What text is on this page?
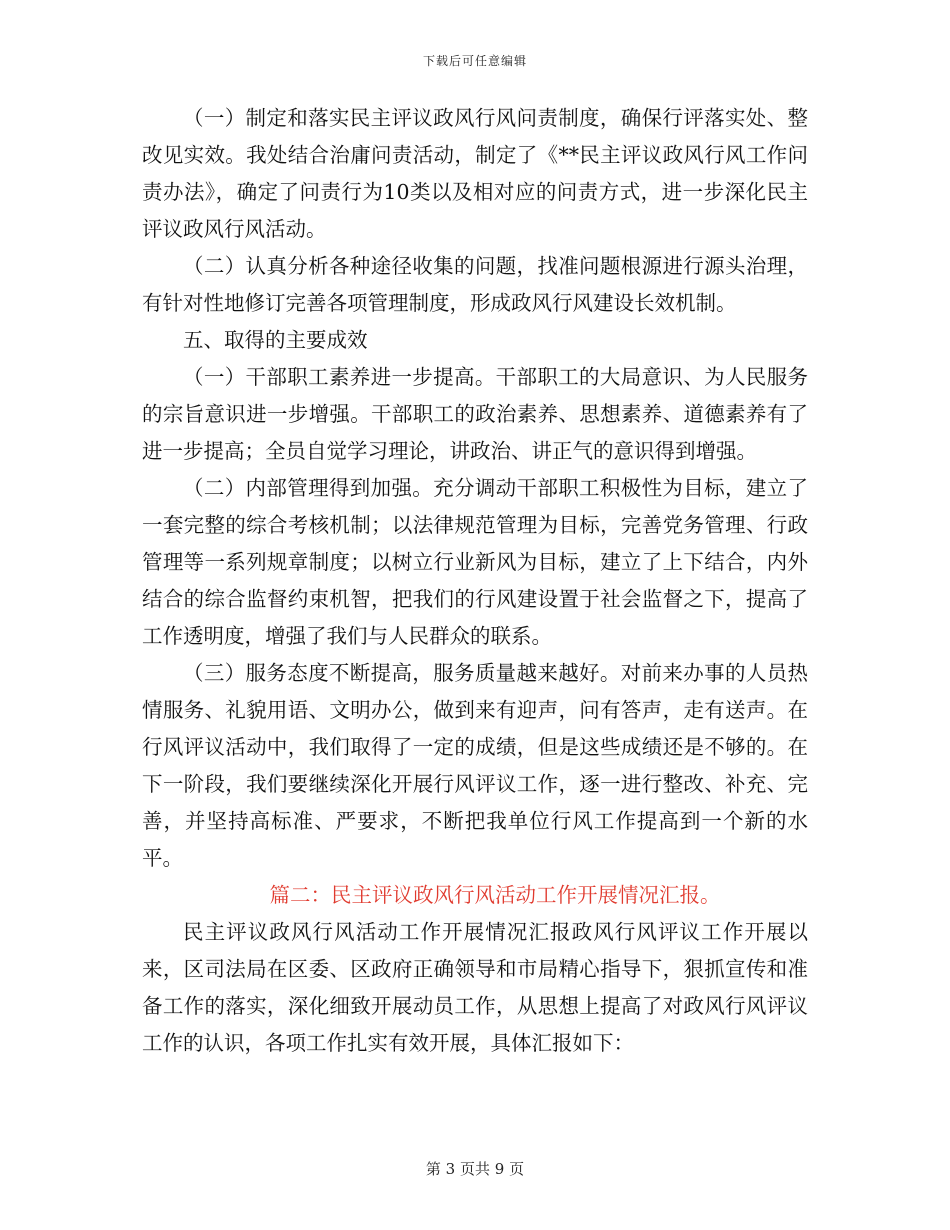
下载后可任意编辑

（一）制定和落实民主评议政风行风问责制度，确保行评落实处、整改见实效。我处结合治庸问责活动，制定了《**民主评议政风行风工作问责办法》，确定了问责行为10类以及相对应的问责方式，进一步深化民主评议政风行风活动。

（二）认真分析各种途径收集的问题，找准问题根源进行源头治理，有针对性地修订完善各项管理制度，形成政风行风建设长效机制。

五、取得的主要成效

（一）干部职工素养进一步提高。干部职工的大局意识、为人民服务的宗旨意识进一步增强。干部职工的政治素养、思想素养、道德素养有了进一步提高；全员自觉学习理论，讲政治、讲正气的意识得到增强。

（二）内部管理得到加强。充分调动干部职工积极性为目标，建立了一套完整的综合考核机制；以法律规范管理为目标，完善党务管理、行政管理等一系列规章制度；以树立行业新风为目标，建立了上下结合，内外结合的综合监督约束机智，把我们的行风建设置于社会监督之下，提高了工作透明度，增强了我们与人民群众的联系。

（三）服务态度不断提高，服务质量越来越好。对前来办事的人员热情服务、礼貌用语、文明办公，做到来有迎声，问有答声，走有送声。在行风评议活动中，我们取得了一定的成绩，但是这些成绩还是不够的。在下一阶段，我们要继续深化开展行风评议工作，逐一进行整改、补充、完善，并坚持高标准、严要求，不断把我单位行风工作提高到一个新的水平。

篇二：民主评议政风行风活动工作开展情况汇报。

民主评议政风行风活动工作开展情况汇报政风行风评议工作开展以来，区司法局在区委、区政府正确领导和市局精心指导下，狠抓宣传和准备工作的落实，深化细致开展动员工作，从思想上提高了对政风行风评议工作的认识，各项工作扎实有效开展，具体汇报如下：

第 3 页共 9 页
